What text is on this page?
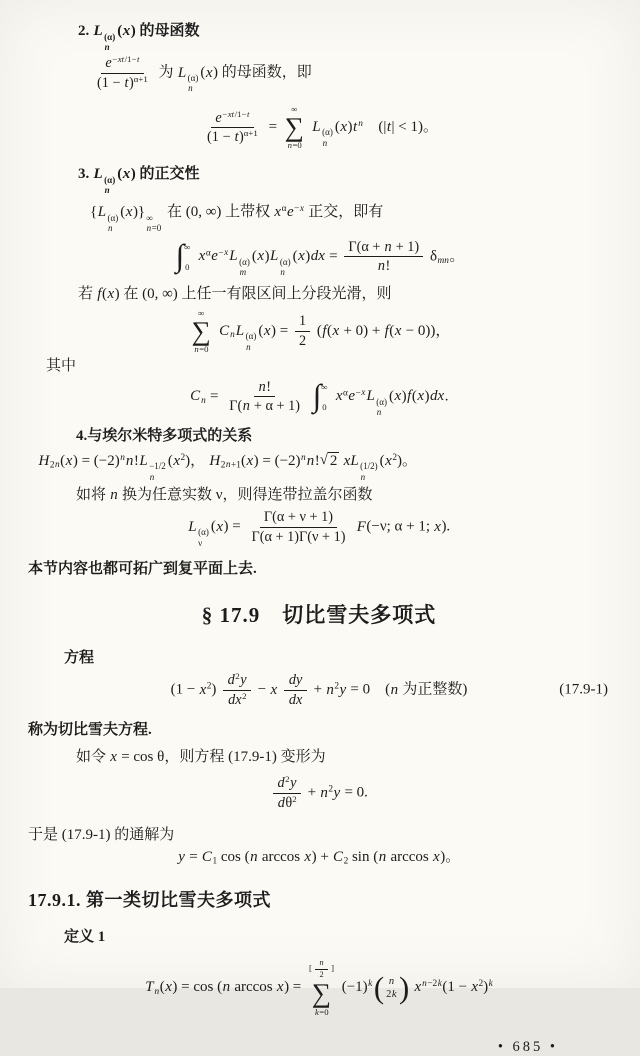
2. L (α)
n
(x) 的母函数
$\frac{e^{-xt/1-t}}{(1 - t)^{\alpha+1}}$ 为 L (α)
n
(x) 的母函数，即
$\frac{e^{-xt/1-t}}{(1 - t)^{\alpha+1}}$ =
∞
∑
n=0
L (α)
n
$(x)t^n$　(|t| < 1)。
3. L (α)
n
(x) 的正交性
{L (α)
n
(x)} ∞
n=0
在 (0, ∞) 上带权 $x^\alpha e^{-x}$ 正交，即有
∫ ∞
0
$x^\alpha e^{-x}L$ (α)
m
(x)L (α)
n
$(x)dx = \frac{\Gamma(\alpha + n + 1)}{n!} \delta_{mn}$。
若 f(x) 在 (0, ∞) 上任一有限区间上分段光滑，则
∞
∑
n=0
$C_nL$ (α)
n
$(x) = \frac{1}{2} (f(x + 0) + f(x - 0))$，
其中
$C_n = \frac{n!}{\Gamma(n + \alpha + 1)}$
∫ ∞
0
$x^\alpha e^{-x}L$ (α)
n
(x)f(x)dx.
4.与埃尔米特多项式的关系
$H_{2n}(x) = (-2)^nn!L -1/2$
n
$(x^2)$， $H_{2n+1}(x) = (-2)^nn$! √ 2 xL (1/2)
n
$(x^2)$。
如将 n 换为任意实数 ν，则得连带拉盖尔函数
L (α)
ν
$(x) = \frac{\Gamma(\alpha + \nu + 1)}{\Gamma(\alpha + 1)\Gamma(\nu + 1)} F(-\nu$; α + 1; x).
本节内容也都可拓广到复平面上去.
§ 17.9　切比雪夫多项式
方程
$(1 - x^2) \frac{d^2y}{dx^2} - x \frac{dy}{dx} + n^2y = 0$　(n 为正整数)	(17.9-1)
称为切比雪夫方程.
如令 x = cos θ，则方程 (17.9-1) 变形为
$\frac{d^2y}{d\theta^2} + n^2y = 0$.
于是 (17.9-1) 的通解为
$y = C_1$ cos (n $\arccos x) + C_2$ sin (n arccos x)。
17.9.1. 第一类切比雪夫多项式
定义 1
$T_n(x) = \cos (n$ arccos x) =
[ $\frac{n}{2}$ ]
∑
k=0
$(-1)^k$ ( n
2k ) $x^{n-2k}(1 - x^2)^k$
• 685 •
